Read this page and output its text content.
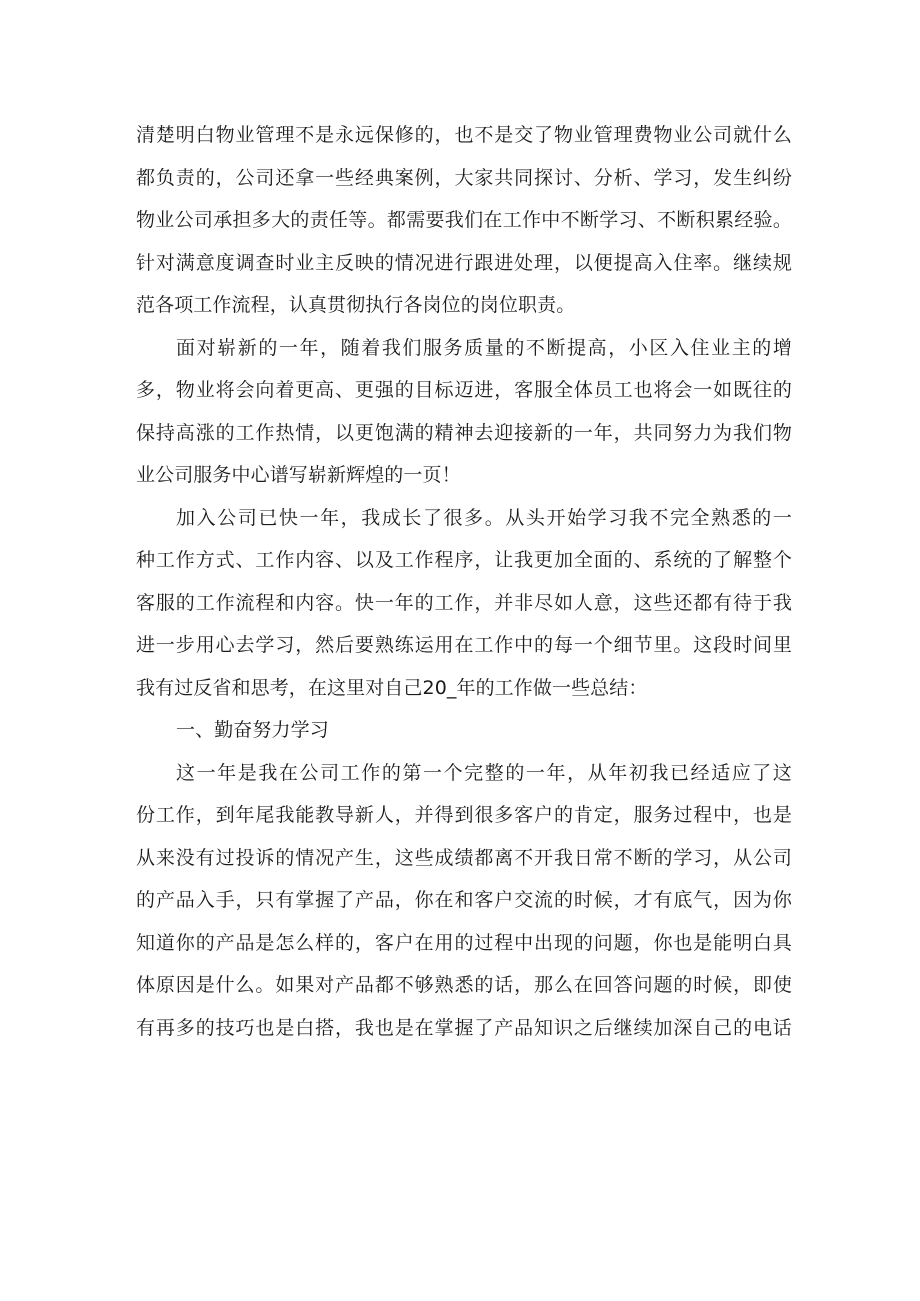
清楚明白物业管理不是永远保修的，也不是交了物业管理费物业公司就什么
都负责的，公司还拿一些经典案例，大家共同探讨、分析、学习，发生纠纷
物业公司承担多大的责任等。都需要我们在工作中不断学习、不断积累经验。
针对满意度调查时业主反映的情况进行跟进处理，以便提高入住率。继续规
范各项工作流程，认真贯彻执行各岗位的岗位职责。
面对崭新的一年，随着我们服务质量的不断提高，小区入住业主的增
多，物业将会向着更高、更强的目标迈进，客服全体员工也将会一如既往的
保持高涨的工作热情，以更饱满的精神去迎接新的一年，共同努力为我们物
业公司服务中心谱写崭新辉煌的一页！
加入公司已快一年，我成长了很多。从头开始学习我不完全熟悉的一
种工作方式、工作内容、以及工作程序，让我更加全面的、系统的了解整个
客服的工作流程和内容。快一年的工作，并非尽如人意，这些还都有待于我
进一步用心去学习，然后要熟练运用在工作中的每一个细节里。这段时间里
我有过反省和思考，在这里对自己20_年的工作做一些总结：
一、勤奋努力学习
这一年是我在公司工作的第一个完整的一年，从年初我已经适应了这
份工作，到年尾我能教导新人，并得到很多客户的肯定，服务过程中，也是
从来没有过投诉的情况产生，这些成绩都离不开我日常不断的学习，从公司
的产品入手，只有掌握了产品，你在和客户交流的时候，才有底气，因为你
知道你的产品是怎么样的，客户在用的过程中出现的问题，你也是能明白具
体原因是什么。如果对产品都不够熟悉的话，那么在回答问题的时候，即使
有再多的技巧也是白搭，我也是在掌握了产品知识之后继续加深自己的电话
